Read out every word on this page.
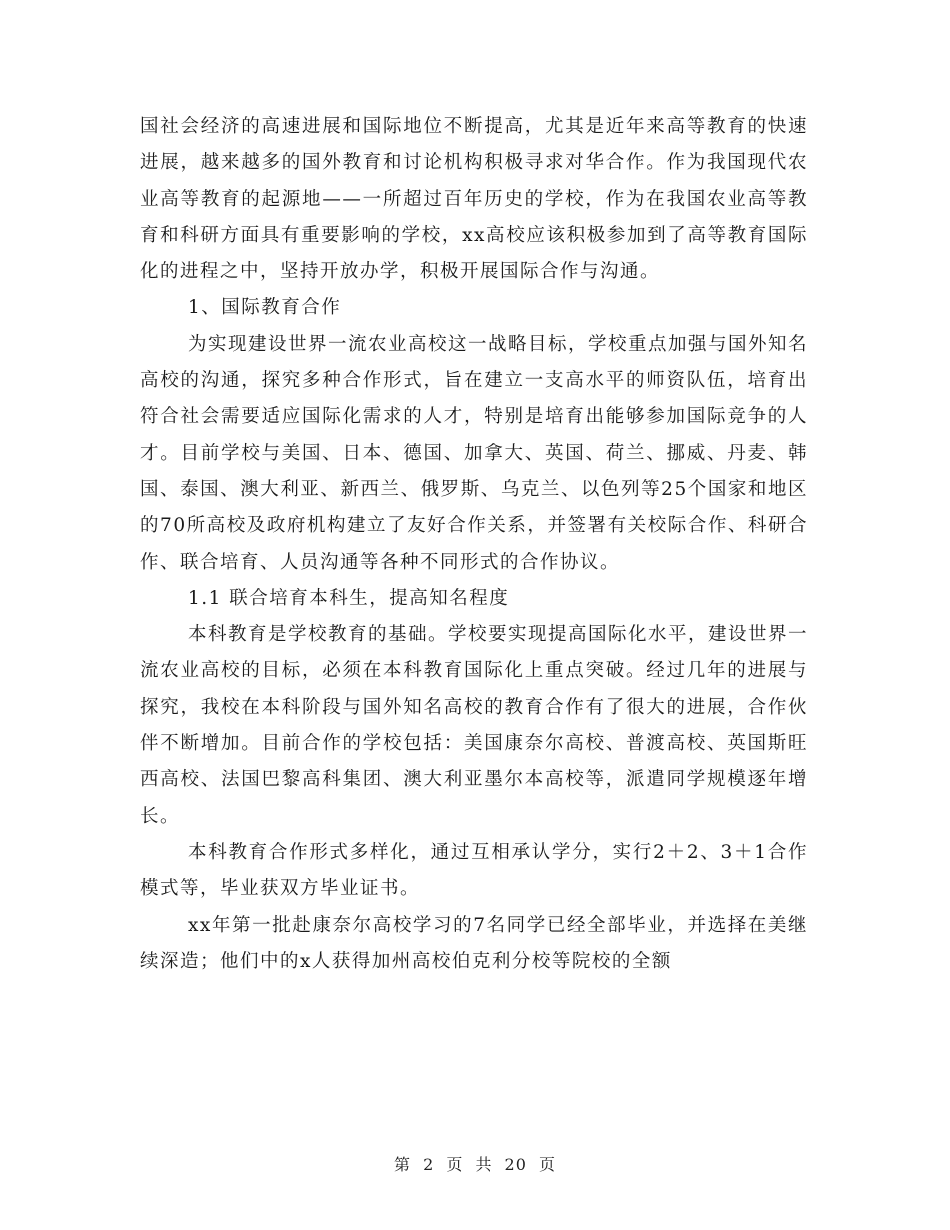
国社会经济的高速进展和国际地位不断提高，尤其是近年来高等教育的快速进展，越来越多的国外教育和讨论机构积极寻求对华合作。作为我国现代农业高等教育的起源地——一所超过百年历史的学校，作为在我国农业高等教育和科研方面具有重要影响的学校，xx高校应该积极参加到了高等教育国际化的进程之中，坚持开放办学，积极开展国际合作与沟通。

1、国际教育合作

为实现建设世界一流农业高校这一战略目标，学校重点加强与国外知名高校的沟通，探究多种合作形式，旨在建立一支高水平的师资队伍，培育出符合社会需要适应国际化需求的人才，特别是培育出能够参加国际竞争的人才。目前学校与美国、日本、德国、加拿大、英国、荷兰、挪威、丹麦、韩国、泰国、澳大利亚、新西兰、俄罗斯、乌克兰、以色列等25个国家和地区的70所高校及政府机构建立了友好合作关系，并签署有关校际合作、科研合作、联合培育、人员沟通等各种不同形式的合作协议。

1.1 联合培育本科生，提高知名程度

本科教育是学校教育的基础。学校要实现提高国际化水平，建设世界一流农业高校的目标，必须在本科教育国际化上重点突破。经过几年的进展与探究，我校在本科阶段与国外知名高校的教育合作有了很大的进展，合作伙伴不断增加。目前合作的学校包括：美国康奈尔高校、普渡高校、英国斯旺西高校、法国巴黎高科集团、澳大利亚墨尔本高校等，派遣同学规模逐年增长。

本科教育合作形式多样化，通过互相承认学分，实行2＋2、3＋1合作模式等，毕业获双方毕业证书。

xx年第一批赴康奈尔高校学习的7名同学已经全部毕业，并选择在美继续深造；他们中的x人获得加州高校伯克利分校等院校的全额

第 2 页 共 20 页
